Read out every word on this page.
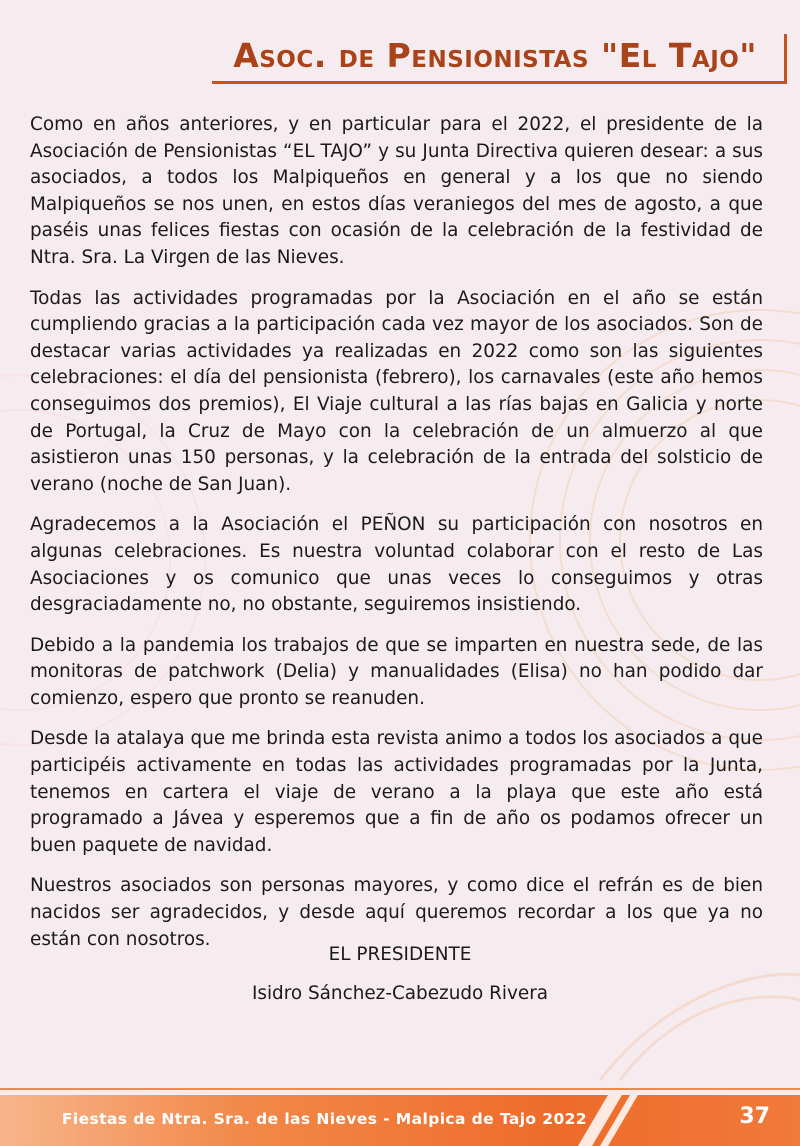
Asoc. de Pensionistas "El Tajo"

Como en años anteriores, y en particular para el 2022, el presidente de la Asociación de Pensionistas “EL TAJO” y su Junta Directiva quieren desear: a sus asociados, a todos los Malpiqueños en general y a los que no siendo Malpiqueños se nos unen, en estos días veraniegos del mes de agosto, a que paséis unas felices fiestas con ocasión de la celebración de la festividad de Ntra. Sra. La Virgen de las Nieves.

Todas las actividades programadas por la Asociación en el año se están cumpliendo gracias a la participación cada vez mayor de los asociados. Son de destacar varias actividades ya realizadas en 2022 como son las siguientes celebraciones: el día del pensionista (febrero), los carnavales (este año hemos conseguimos dos premios), El Viaje cultural a las rías bajas en Galicia y norte de Portugal, la Cruz de Mayo con la celebración de un almuerzo al que asistieron unas 150 personas, y la celebración de la entrada del solsticio de verano (noche de San Juan).

Agradecemos a la Asociación el PEÑON su participación con nosotros en algunas celebraciones. Es nuestra voluntad colaborar con el resto de Las Asociaciones y os comunico que unas veces lo conseguimos y otras desgraciadamente no, no obstante, seguiremos insistiendo.

Debido a la pandemia los trabajos de que se imparten en nuestra sede, de las monitoras de patchwork (Delia) y manualidades (Elisa) no han podido dar comienzo, espero que pronto se reanuden.

Desde la atalaya que me brinda esta revista animo a todos los asociados a que participéis activamente en todas las actividades programadas por la Junta, tenemos en cartera el viaje de verano a la playa que este año está programado a Jávea y esperemos que a fin de año os podamos ofrecer un buen paquete de navidad.

Nuestros asociados son personas mayores, y como dice el refrán es de bien nacidos ser agradecidos, y desde aquí queremos recordar a los que ya no están con nosotros.

EL PRESIDENTE

Isidro Sánchez-Cabezudo Rivera

Fiestas de Ntra. Sra. de las Nieves - Malpica de Tajo 2022	37
